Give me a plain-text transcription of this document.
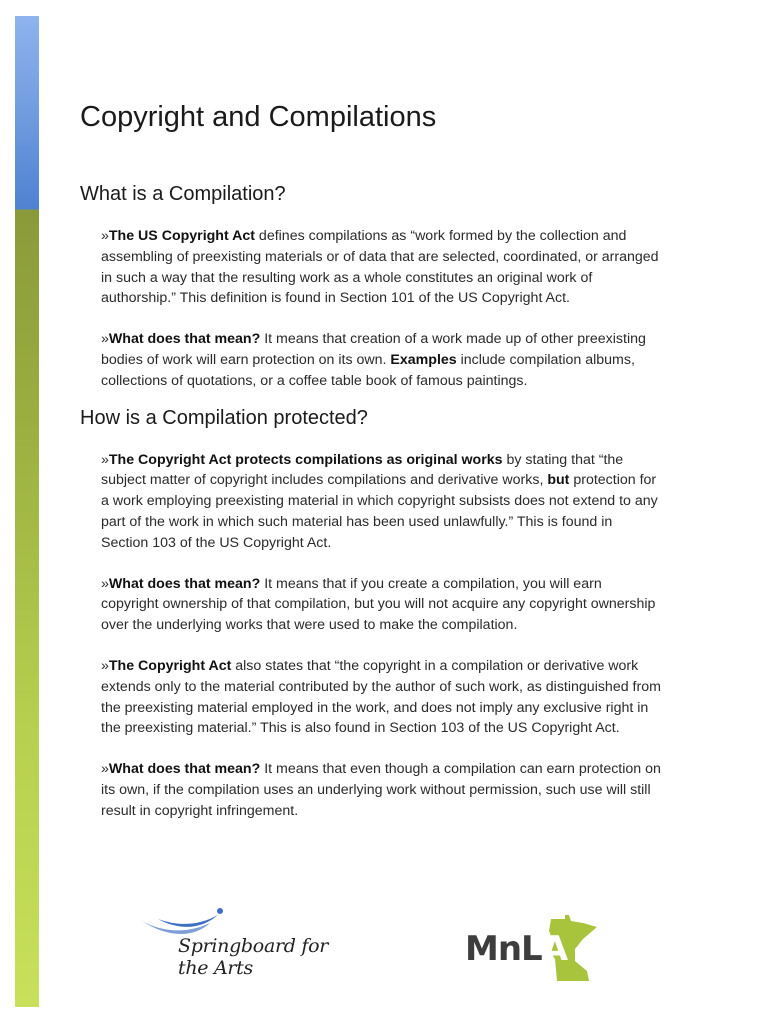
Copyright and Compilations
What is a Compilation?

»The US Copyright Act defines compilations as “work formed by the collection and assembling of preexisting materials or of data that are selected, coordinated, or arranged in such a way that the resulting work as a whole constitutes an original work of authorship.” This definition is found in Section 101 of the US Copyright Act.

»What does that mean? It means that creation of a work made up of other preexisting bodies of work will earn protection on its own. Examples include compilation albums, collections of quotations, or a coffee table book of famous paintings.

How is a Compilation protected?

»The Copyright Act protects compilations as original works by stating that “the subject matter of copyright includes compilations and derivative works, but protection for a work employing preexisting material in which copyright subsists does not extend to any part of the work in which such material has been used unlawfully.” This is found in Section 103 of the US Copyright Act.

»What does that mean? It means that if you create a compilation, you will earn copyright ownership of that compilation, but you will not acquire any copyright ownership over the underlying works that were used to make the compilation.

»The Copyright Act also states that “the copyright in a compilation or derivative work extends only to the material contributed by the author of such work, as distinguished from the preexisting material employed in the work, and does not imply any exclusive right in the preexisting material.” This is also found in Section 103 of the US Copyright Act.

»What does that mean? It means that even though a compilation can earn protection on its own, if the compilation uses an underlying work without permission, such use will still result in copyright infringement.

Springboard for the Arts	MnLA
